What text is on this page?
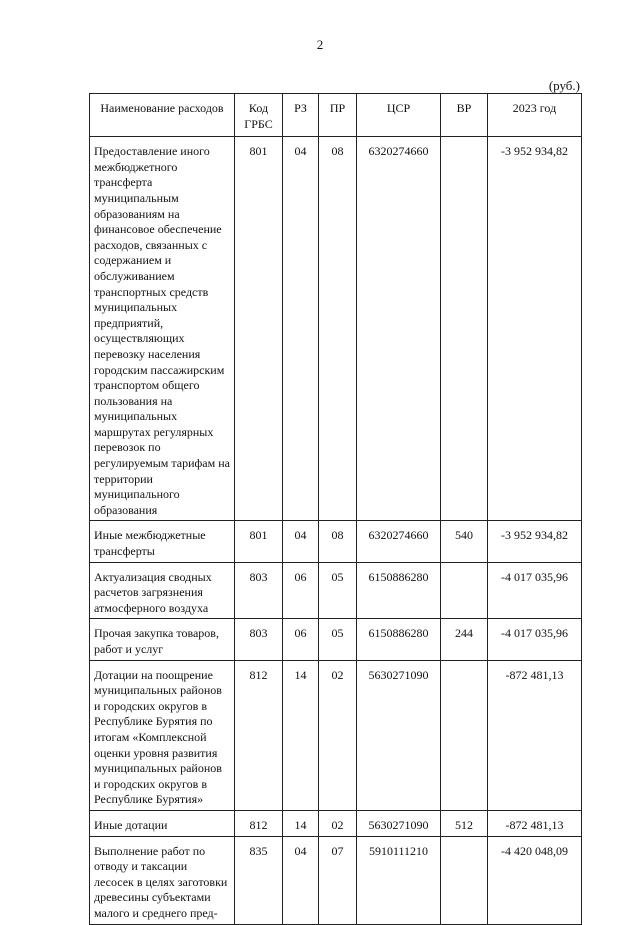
2
(руб.)
Наименование расходов	Код ГРБС	РЗ	ПР	ЦСР	ВР	2023 год
Предоставление иного межбюджетного трансферта муниципальным образованиям на финансовое обеспечение расходов, связанных с содержанием и обслуживанием транспортных средств муниципальных предприятий, осуществляющих перевозку населения городским пассажирским транспортом общего пользования на муниципальных маршрутах регулярных перевозок по регулируемым тарифам на территории муниципального образования	801	04	08	6320274660		-3 952 934,82
Иные межбюджетные трансферты	801	04	08	6320274660	540	-3 952 934,82
Актуализация сводных расчетов загрязнения атмосферного воздуха	803	06	05	6150886280		-4 017 035,96
Прочая закупка товаров, работ и услуг	803	06	05	6150886280	244	-4 017 035,96
Дотации на поощрение муниципальных районов и городских округов в Республике Бурятия по итогам «Комплексной оценки уровня развития муниципальных районов и городских округов в Республике Бурятия»	812	14	02	5630271090		-872 481,13
Иные дотации	812	14	02	5630271090	512	-872 481,13
Выполнение работ по отводу и таксации лесосек в целях заготовки древесины субъектами малого и среднего пред-	835	04	07	5910111210		-4 420 048,09
